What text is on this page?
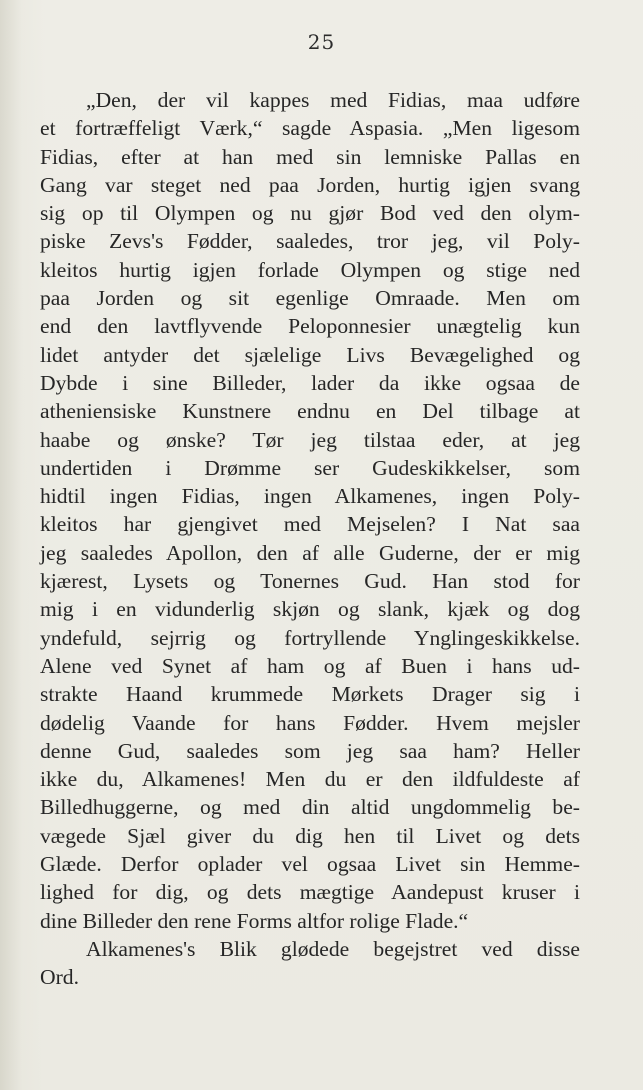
25
„Den, der vil kappes med Fidias, maa udføre
et fortræffeligt Værk,“ sagde Aspasia. „Men ligesom
Fidias, efter at han med sin lemniske Pallas en
Gang var steget ned paa Jorden, hurtig igjen svang
sig op til Olympen og nu gjør Bod ved den olym-
piske Zevs's Fødder, saaledes, tror jeg, vil Poly-
kleitos hurtig igjen forlade Olympen og stige ned
paa Jorden og sit egenlige Omraade. Men om
end den lavtflyvende Peloponnesier unægtelig kun
lidet antyder det sjælelige Livs Bevægelighed og
Dybde i sine Billeder, lader da ikke ogsaa de
atheniensiske Kunstnere endnu en Del tilbage at
haabe og ønske? Tør jeg tilstaa eder, at jeg
undertiden i Drømme ser Gudeskikkelser, som
hidtil ingen Fidias, ingen Alkamenes, ingen Poly-
kleitos har gjengivet med Mejselen? I Nat saa
jeg saaledes Apollon, den af alle Guderne, der er mig
kjærest, Lysets og Tonernes Gud. Han stod for
mig i en vidunderlig skjøn og slank, kjæk og dog
yndefuld, sejrrig og fortryllende Ynglingeskikkelse.
Alene ved Synet af ham og af Buen i hans ud-
strakte Haand krummede Mørkets Drager sig i
dødelig Vaande for hans Fødder. Hvem mejsler
denne Gud, saaledes som jeg saa ham? Heller
ikke du, Alkamenes! Men du er den ildfuldeste af
Billedhuggerne, og med din altid ungdommelig be-
vægede Sjæl giver du dig hen til Livet og dets
Glæde. Derfor oplader vel ogsaa Livet sin Hemme-
lighed for dig, og dets mægtige Aandepust kruser i
dine Billeder den rene Forms altfor rolige Flade.“
Alkamenes's Blik glødede begejstret ved disse
Ord.
